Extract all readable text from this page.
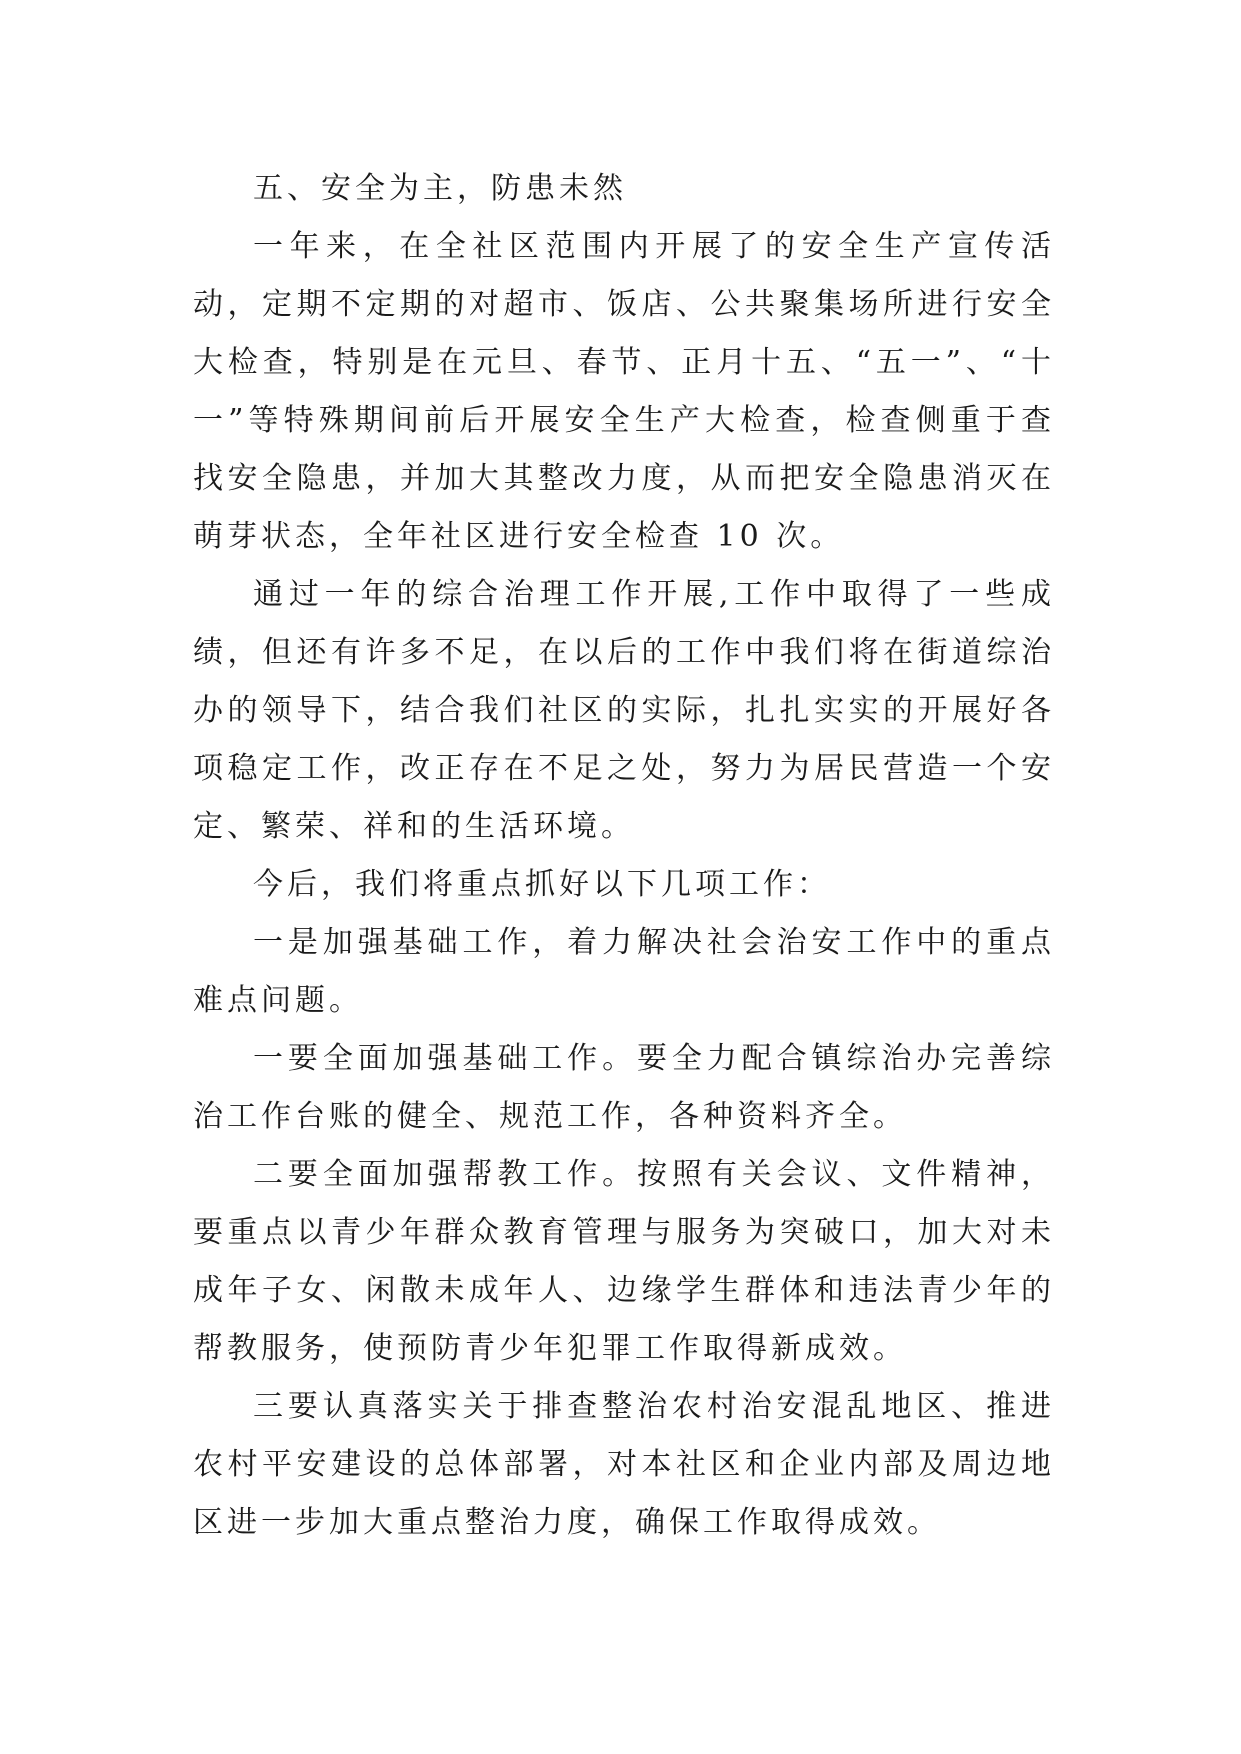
五、安全为主，防患未然

一年来，在全社区范围内开展了的安全生产宣传活动，定期不定期的对超市、饭店、公共聚集场所进行安全大检查，特别是在元旦、春节、正月十五、“五一”、“十一”等特殊期间前后开展安全生产大检查，检查侧重于查找安全隐患，并加大其整改力度，从而把安全隐患消灭在萌芽状态，全年社区进行安全检查 10 次。

通过一年的综合治理工作开展,工作中取得了一些成绩，但还有许多不足，在以后的工作中我们将在街道综治办的领导下，结合我们社区的实际，扎扎实实的开展好各项稳定工作，改正存在不足之处，努力为居民营造一个安定、繁荣、祥和的生活环境。

今后，我们将重点抓好以下几项工作：

一是加强基础工作，着力解决社会治安工作中的重点难点问题。

一要全面加强基础工作。要全力配合镇综治办完善综治工作台账的健全、规范工作，各种资料齐全。

二要全面加强帮教工作。按照有关会议、文件精神，要重点以青少年群众教育管理与服务为突破口，加大对未成年子女、闲散未成年人、边缘学生群体和违法青少年的帮教服务，使预防青少年犯罪工作取得新成效。

三要认真落实关于排查整治农村治安混乱地区、推进农村平安建设的总体部署，对本社区和企业内部及周边地区进一步加大重点整治力度，确保工作取得成效。
